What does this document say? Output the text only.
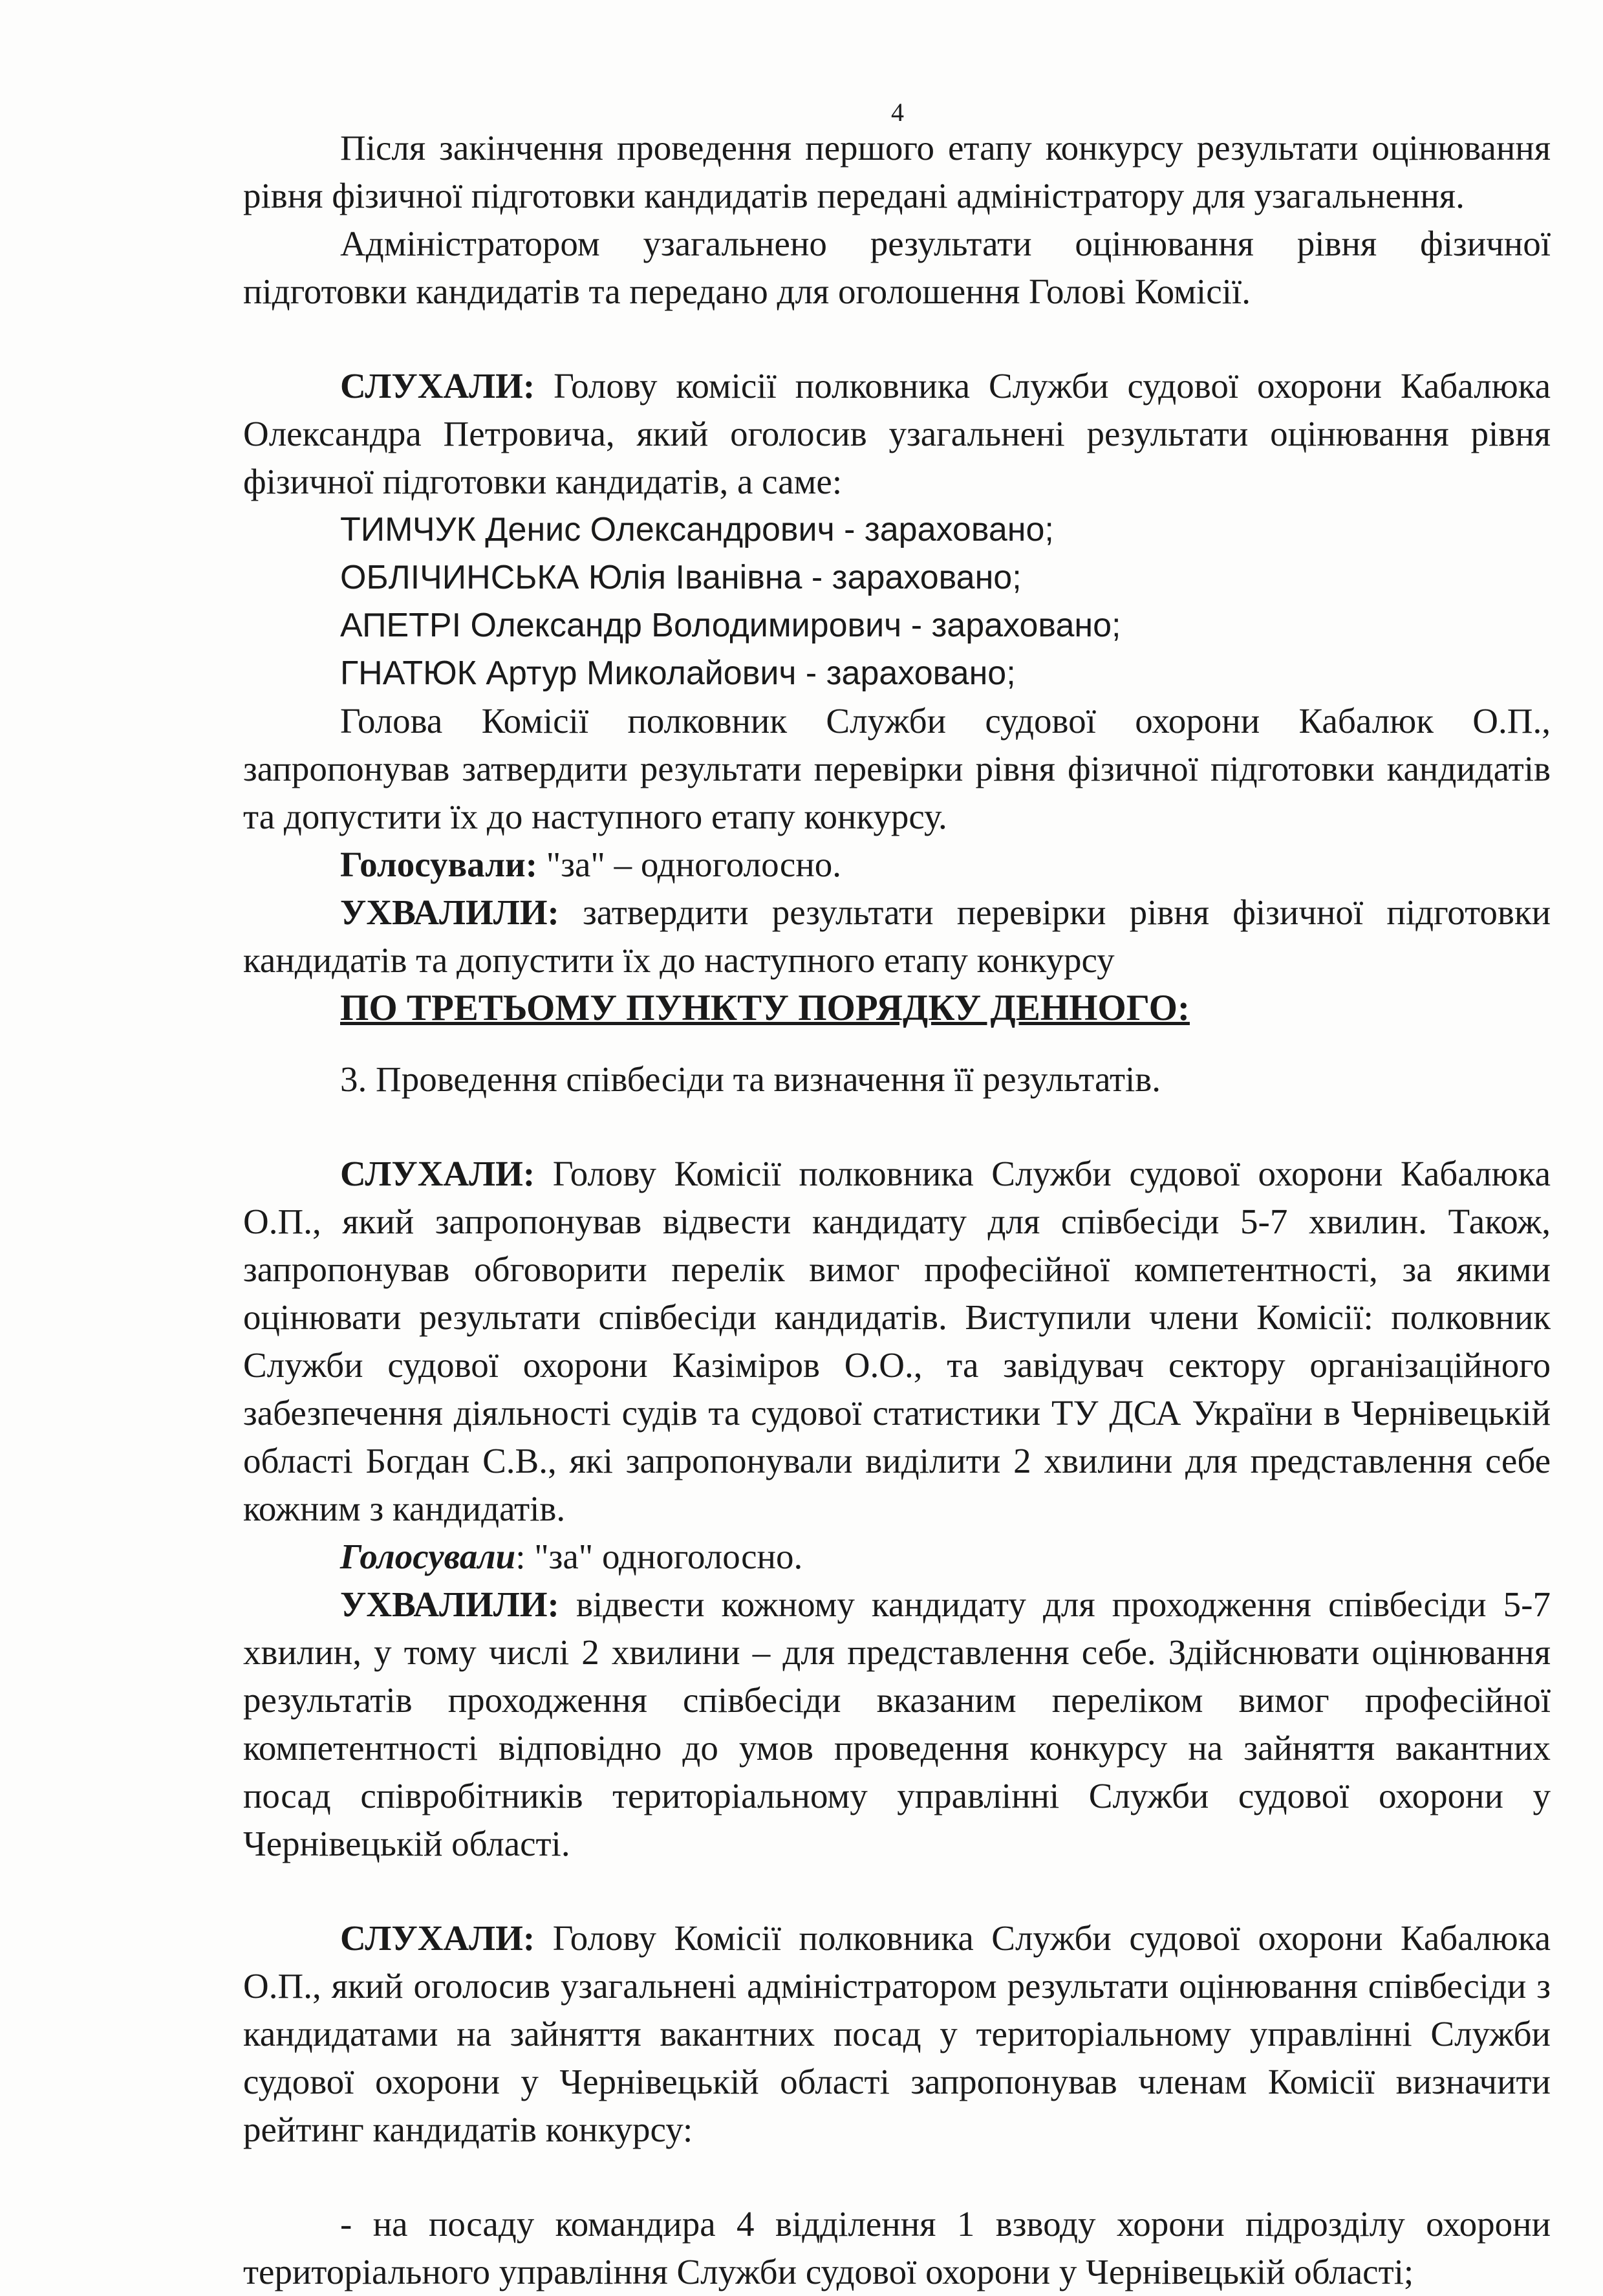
4

Після закінчення проведення першого етапу конкурсу результати оцінювання рівня фізичної підготовки кандидатів передані адміністратору для узагальнення.

Адміністратором узагальнено результати оцінювання рівня фізичної підготовки кандидатів та передано для оголошення Голові Комісії.

СЛУХАЛИ: Голову комісії полковника Служби судової охорони Кабалюка Олександра Петровича, який оголосив узагальнені результати оцінювання рівня фізичної підготовки кандидатів, а саме:

ТИМЧУК Денис Олександрович - зараховано;

ОБЛІЧИНСЬКА Юлія Іванівна - зараховано;

АПЕТРІ Олександр Володимирович - зараховано;

ГНАТЮК Артур Миколайович - зараховано;

Голова Комісії полковник Служби судової охорони Кабалюк О.П., запропонував затвердити результати перевірки рівня фізичної підготовки кандидатів та допустити їх до наступного етапу конкурсу.

Голосували: "за" – одноголосно.

УХВАЛИЛИ: затвердити результати перевірки рівня фізичної підготовки кандидатів та допустити їх до наступного етапу конкурсу

ПО ТРЕТЬОМУ ПУНКТУ ПОРЯДКУ ДЕННОГО:

3. Проведення співбесіди та визначення її результатів.

СЛУХАЛИ: Голову Комісії полковника Служби судової охорони Кабалюка О.П., який запропонував відвести кандидату для співбесіди 5-7 хвилин. Також, запропонував обговорити перелік вимог професійної компетентності, за якими оцінювати результати співбесіди кандидатів. Виступили члени Комісії: полковник Служби судової охорони Казіміров О.О., та завідувач сектору організаційного забезпечення діяльності судів та судової статистики ТУ ДСА України в Чернівецькій області Богдан С.В., які запропонували виділити 2 хвилини для представлення себе кожним з кандидатів.

Голосували: "за" одноголосно.

УХВАЛИЛИ: відвести кожному кандидату для проходження співбесіди 5-7 хвилин, у тому числі 2 хвилини – для представлення себе. Здійснювати оцінювання результатів проходження співбесіди вказаним переліком вимог професійної компетентності відповідно до умов проведення конкурсу на зайняття вакантних посад співробітників територіальному управлінні Служби судової охорони у Чернівецькій області.

СЛУХАЛИ: Голову Комісії полковника Служби судової охорони Кабалюка О.П., який оголосив узагальнені адміністратором результати оцінювання співбесіди з кандидатами на зайняття вакантних посад у територіальному управлінні Служби судової охорони у Чернівецькій області запропонував членам Комісії визначити рейтинг кандидатів конкурсу:

- на посаду командира 4 відділення 1 взводу хорони підрозділу охорони територіального управління Служби судової охорони у Чернівецькій області;
